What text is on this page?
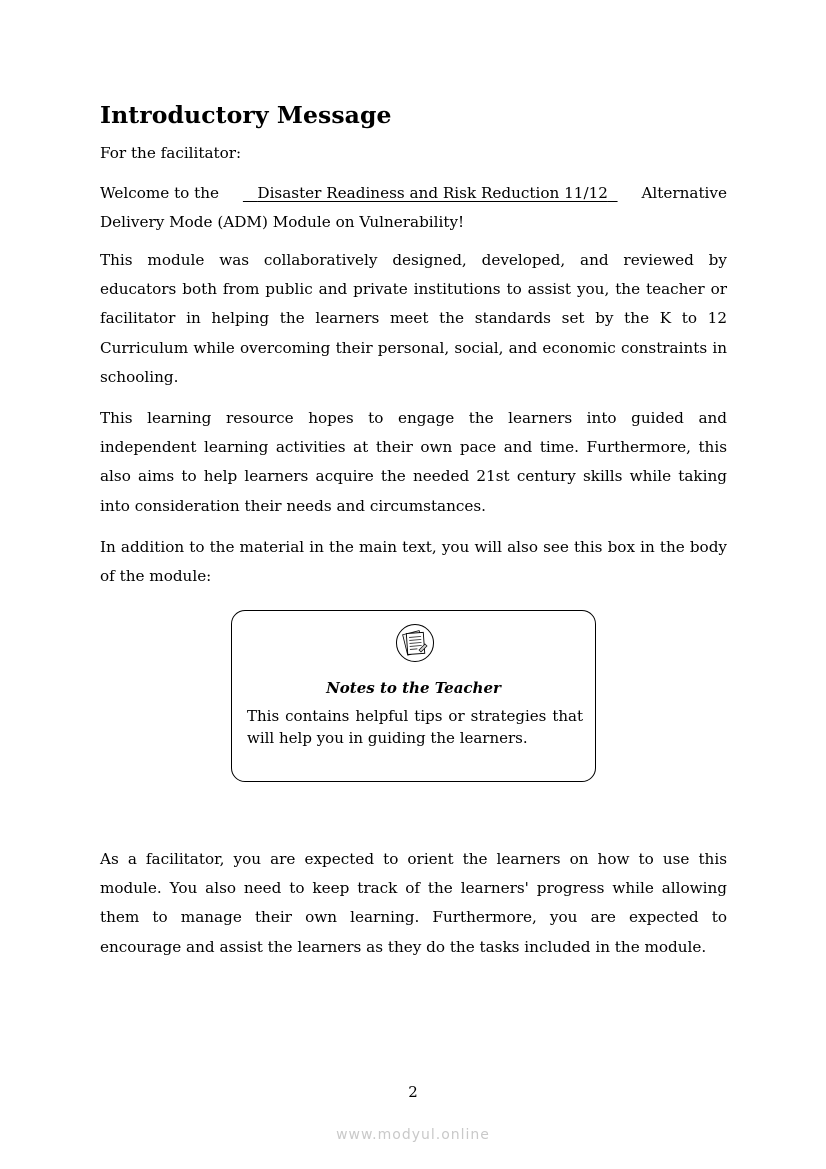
Introductory Message

For the facilitator:

Welcome to the	Disaster Readiness and Risk Reduction 11/12	Alternative
Delivery Mode (ADM) Module on Vulnerability!

This module was collaboratively designed, developed, and reviewed by educators both from public and private institutions to assist you, the teacher or facilitator in helping the learners meet the standards set by the K to 12 Curriculum while overcoming their personal, social, and economic constraints in schooling.

This learning resource hopes to engage the learners into guided and independent learning activities at their own pace and time. Furthermore, this also aims to help learners acquire the needed 21st century skills while taking into consideration their needs and circumstances.

In addition to the material in the main text, you will also see this box in the body of the module:

Notes to the Teacher

This contains helpful tips or strategies that will help you in guiding the learners.

As a facilitator, you are expected to orient the learners on how to use this module. You also need to keep track of the learners' progress while allowing them to manage their own learning. Furthermore, you are expected to encourage and assist the learners as they do the tasks included in the module.

2
www.modyul.online
